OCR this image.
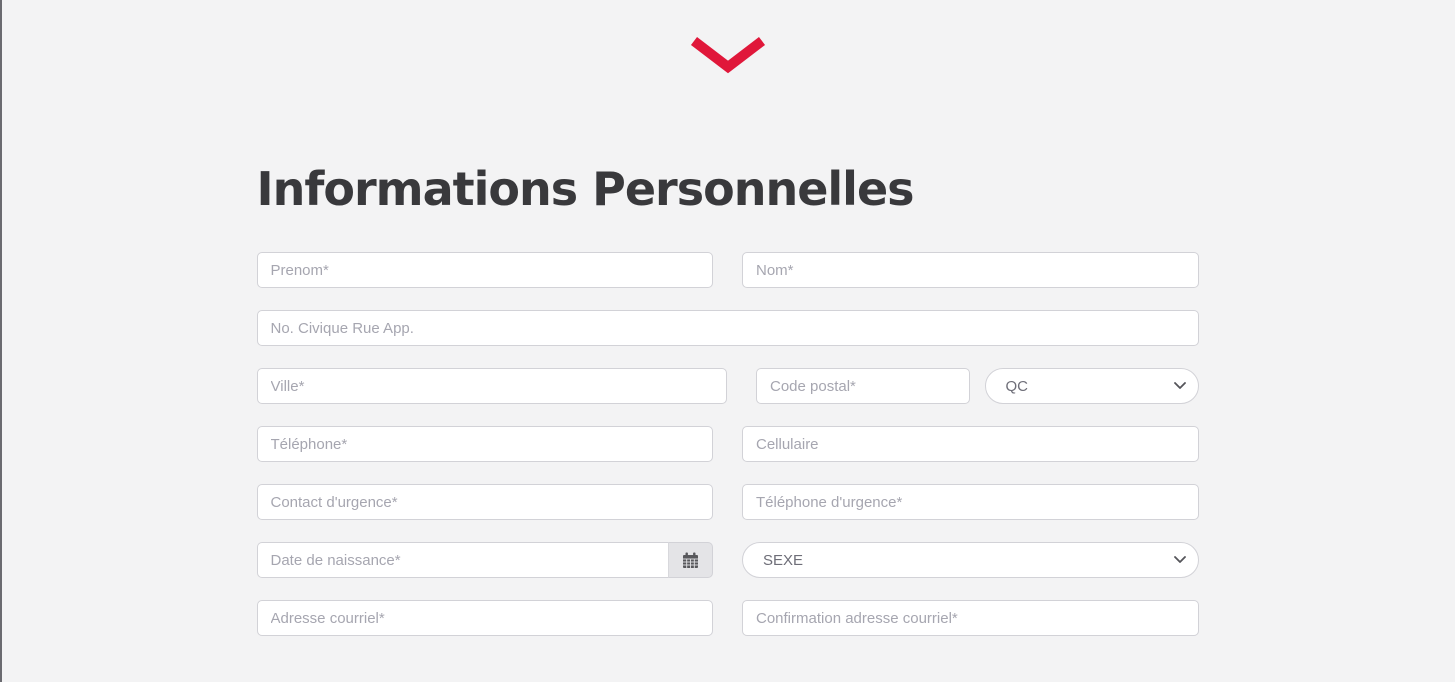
Informations Personnelles
Prenom*
Nom*
No. Civique Rue App.
Ville*
Code postal*
QC
Téléphone*
Cellulaire
Contact d'urgence*
Téléphone d'urgence*
Date de naissance*
SEXE
Adresse courriel*
Confirmation adresse courriel*
